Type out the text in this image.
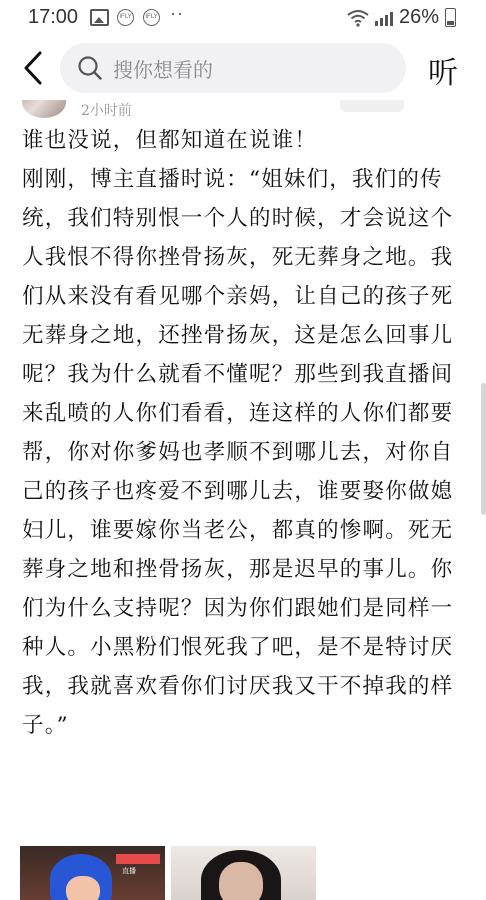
17:00	IFLY	IFLY ··	26%
搜你想看的	听
2小时前

谁也没说，但都知道在说谁！

刚刚，博主直播时说：“姐妹们，我们的传统，我们特别恨一个人的时候，才会说这个人我恨不得你挫骨扬灰，死无葬身之地。我们从来没有看见哪个亲妈，让自己的孩子死无葬身之地，还挫骨扬灰，这是怎么回事儿呢？我为什么就看不懂呢？那些到我直播间来乱喷的人你们看看，连这样的人你们都要帮，你对你爹妈也孝顺不到哪儿去，对你自己的孩子也疼爱不到哪儿去，谁要娶你做媳妇儿，谁要嫁你当老公，都真的惨啊。死无葬身之地和挫骨扬灰，那是迟早的事儿。你们为什么支持呢？因为你们跟她们是同样一种人。小黑粉们恨死我了吧，是不是特讨厌我，我就喜欢看你们讨厌我又干不掉我的样子。”

直播
